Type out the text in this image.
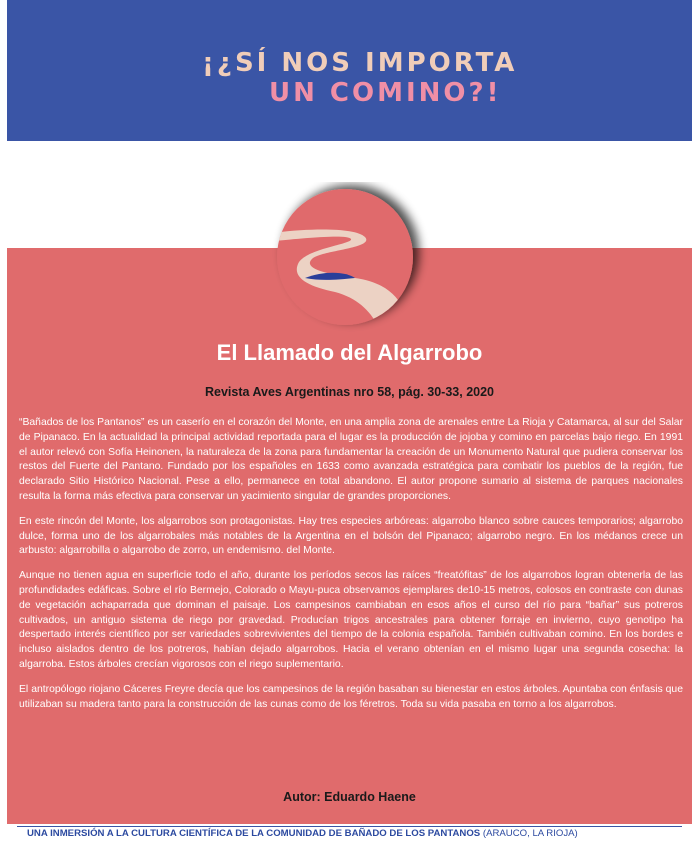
¡¿SÍ NOS IMPORTA
UN COMINO?!
El Llamado del Algarrobo

Revista Aves Argentinas nro 58, pág. 30-33, 2020

“Bañados de los Pantanos” es un caserío en el corazón del Monte, en una amplia zona de arenales entre La Rioja y Catamarca, al sur del Salar de Pipanaco. En la actualidad la principal actividad reportada para el lugar es la producción de jojoba y comino en parcelas bajo riego. En 1991 el autor relevó con Sofía Heinonen, la naturaleza de la zona para fundamentar la creación de un Monumento Natural que pudiera conservar los restos del Fuerte del Pantano. Fundado por los españoles en 1633 como avanzada estratégica para combatir los pueblos de la región, fue declarado Sitio Histórico Nacional. Pese a ello, permanece en total abandono. El autor propone sumario al sistema de parques nacionales resulta la forma más efectiva para conservar un yacimiento singular de grandes proporciones.

En este rincón del Monte, los algarrobos son protagonistas. Hay tres especies arbóreas: algarrobo blanco sobre cauces temporarios; algarrobo dulce, forma uno de los algarrobales más notables de la Argentina en el bolsón del Pipanaco; algarrobo negro. En los médanos crece un arbusto: algarrobilla o algarrobo de zorro, un endemismo. del Monte.

Aunque no tienen agua en superficie todo el año, durante los períodos secos las raíces “freatófitas” de los algarrobos logran obtenerla de las profundidades edáficas. Sobre el río Bermejo, Colorado o Mayu-puca observamos ejemplares de10-15 metros, colosos en contraste con dunas de vegetación achaparrada que dominan el paisaje. Los campesinos cambiaban en esos años el curso del río para “bañar” sus potreros cultivados, un antiguo sistema de riego por gravedad. Producían trigos ancestrales para obtener forraje en invierno, cuyo genotipo ha despertado interés científico por ser variedades sobrevivientes del tiempo de la colonia española. También cultivaban comino. En los bordes e incluso aislados dentro de los potreros, habían dejado algarrobos. Hacia el verano obtenían en el mismo lugar una segunda cosecha: la algarroba. Estos árboles crecían vigorosos con el riego suplementario.

El antropólogo riojano Cáceres Freyre decía que los campesinos de la región basaban su bienestar en estos árboles. Apuntaba con énfasis que utilizaban su madera tanto para la construcción de las cunas como de los féretros. Toda su vida pasaba en torno a los algarrobos.

Autor: Eduardo Haene
UNA INMERSIÓN A LA CULTURA CIENTÍFICA DE LA COMUNIDAD DE BAÑADO DE LOS PANTANOS (ARAUCO, LA RIOJA)
